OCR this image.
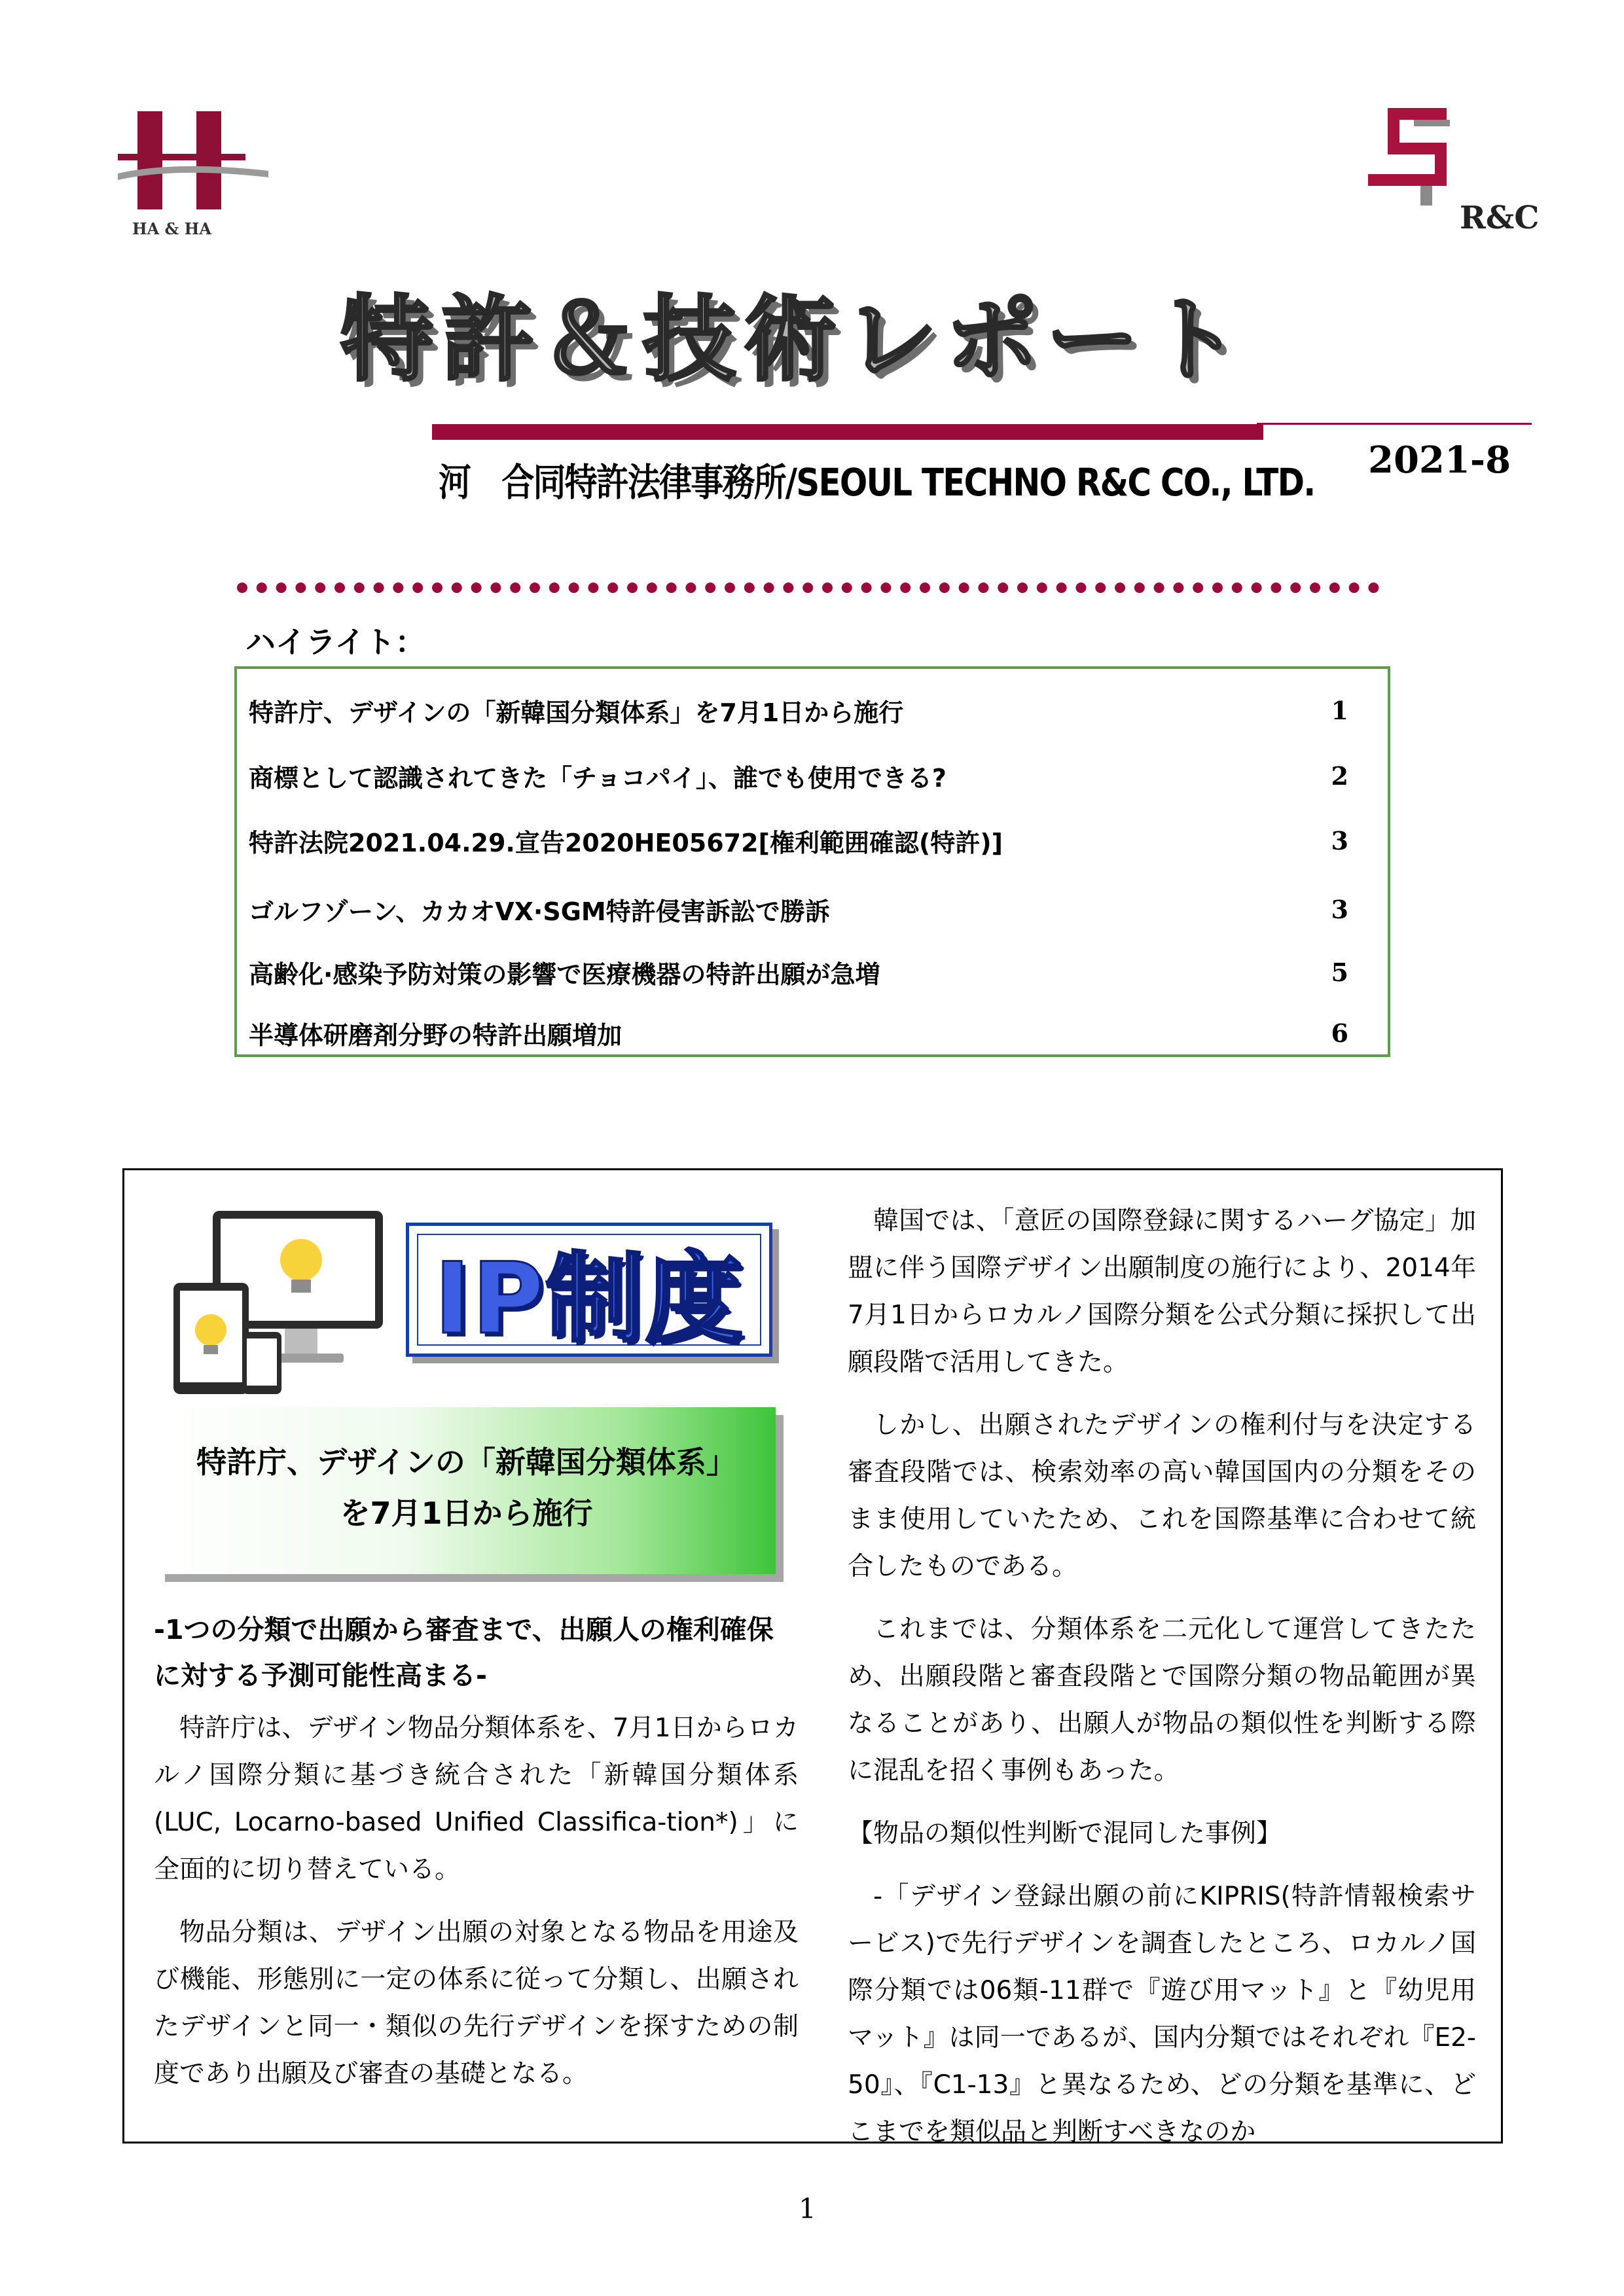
HA & HA	R&C
特許＆技術レポート
河　合同特許法律事務所/SEOUL TECHNO R&C CO., LTD. 2021-8
ハイライト：
特許庁、デザインの「新韓国分類体系」を7月1日から施行	1
商標として認識されてきた「チョコパイ」、誰でも使用できる?	2
特許法院2021.04.29.宣告2020HE05672[権利範囲確認(特許)]	3
ゴルフゾーン、カカオVX·SGM特許侵害訴訟で勝訴	3
高齢化·感染予防対策の影響で医療機器の特許出願が急増	5
半導体研磨剤分野の特許出願増加	6
IP制度
特許庁、デザインの「新韓国分類体系」
を7月1日から施行
-1つの分類で出願から審査まで、出願人の権利確保に対する予測可能性高まる-

特許庁は、デザイン物品分類体系を、7月1日からロカルノ国際分類に基づき統合された「新韓国分類体系(LUC, Locarno-based Unified Classifica-tion*)」に全面的に切り替えている。

物品分類は、デザイン出願の対象となる物品を用途及び機能、形態別に一定の体系に従って分類し、出願されたデザインと同一・類似の先行デザインを探すための制度であり出願及び審査の基礎となる。

韓国では、「意匠の国際登録に関するハーグ協定」加盟に伴う国際デザイン出願制度の施行により、2014年7月1日からロカルノ国際分類を公式分類に採択して出願段階で活用してきた。

しかし、出願されたデザインの権利付与を決定する審査段階では、検索効率の高い韓国国内の分類をそのまま使用していたため、これを国際基準に合わせて統合したものである。

これまでは、分類体系を二元化して運営してきたため、出願段階と審査段階とで国際分類の物品範囲が異なることがあり、出願人が物品の類似性を判断する際に混乱を招く事例もあった。

【物品の類似性判断で混同した事例】

-「デザイン登録出願の前にKIPRIS(特許情報検索サービス)で先行デザインを調査したところ、ロカルノ国際分類では06類-11群で『遊び用マット』と『幼児用マット』は同一であるが、国内分類ではそれぞれ『E2-50』、『C1-13』と異なるため、どの分類を基準に、どこまでを類似品と判断すべきなのか

1
